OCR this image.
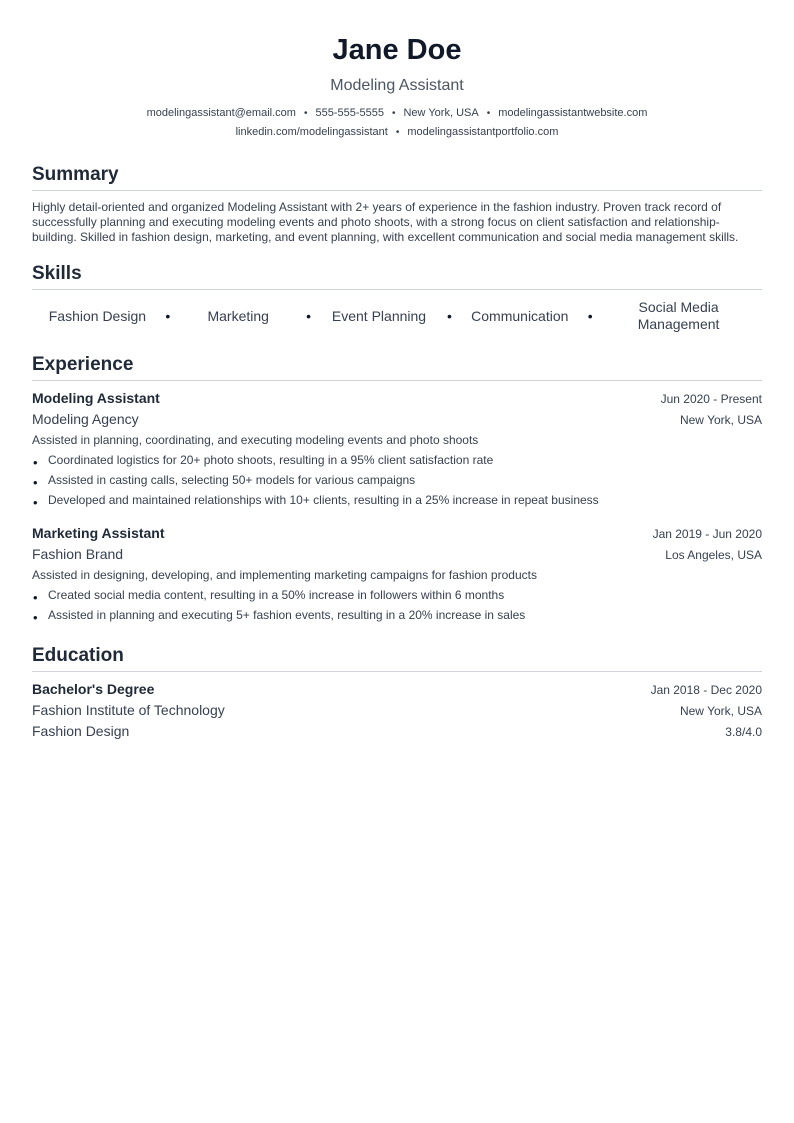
Jane Doe
Modeling Assistant
modelingassistant@email.com • 555-555-5555 • New York, USA • modelingassistantwebsite.com
linkedin.com/modelingassistant • modelingassistantportfolio.com
Summary
Highly detail-oriented and organized Modeling Assistant with 2+ years of experience in the fashion industry. Proven track record of successfully planning and executing modeling events and photo shoots, with a strong focus on client satisfaction and relationship-building. Skilled in fashion design, marketing, and event planning, with excellent communication and social media management skills.
Skills
Fashion Design	•	Marketing	•	Event Planning	•	Communication	•
Social Media Management
Experience
Modeling Assistant	Jun 2020 - Present
Modeling Agency	New York, USA
Assisted in planning, coordinating, and executing modeling events and photo shoots
• Coordinated logistics for 20+ photo shoots, resulting in a 95% client satisfaction rate
• Assisted in casting calls, selecting 50+ models for various campaigns
• Developed and maintained relationships with 10+ clients, resulting in a 25% increase in repeat business
Marketing Assistant	Jan 2019 - Jun 2020
Fashion Brand	Los Angeles, USA
Assisted in designing, developing, and implementing marketing campaigns for fashion products
• Created social media content, resulting in a 50% increase in followers within 6 months
• Assisted in planning and executing 5+ fashion events, resulting in a 20% increase in sales
Education
Bachelor's Degree	Jan 2018 - Dec 2020
Fashion Institute of Technology	New York, USA
Fashion Design	3.8/4.0
